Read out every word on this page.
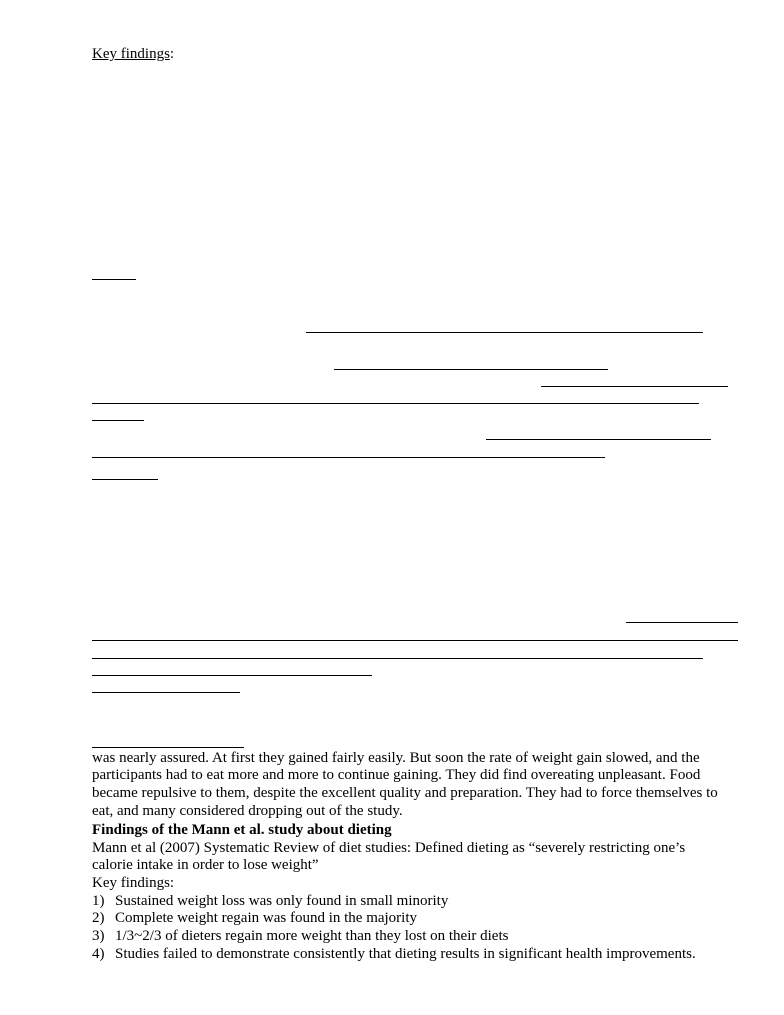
Key findings:
was nearly assured. At first they gained fairly easily. But soon the rate of weight gain slowed, and the
participants had to eat more and more to continue gaining. They did find overeating unpleasant. Food
became repulsive to them, despite the excellent quality and preparation. They had to force themselves to
eat, and many considered dropping out of the study.
Findings of the Mann et al. study about dieting
Mann et al (2007) Systematic Review of diet studies: Defined dieting as “severely restricting one’s
calorie intake in order to lose weight”
Key findings:
1) Sustained weight loss was only found in small minority
2) Complete weight regain was found in the majority
3) 1/3~2/3 of dieters regain more weight than they lost on their diets
4) Studies failed to demonstrate consistently that dieting results in significant health improvements.
